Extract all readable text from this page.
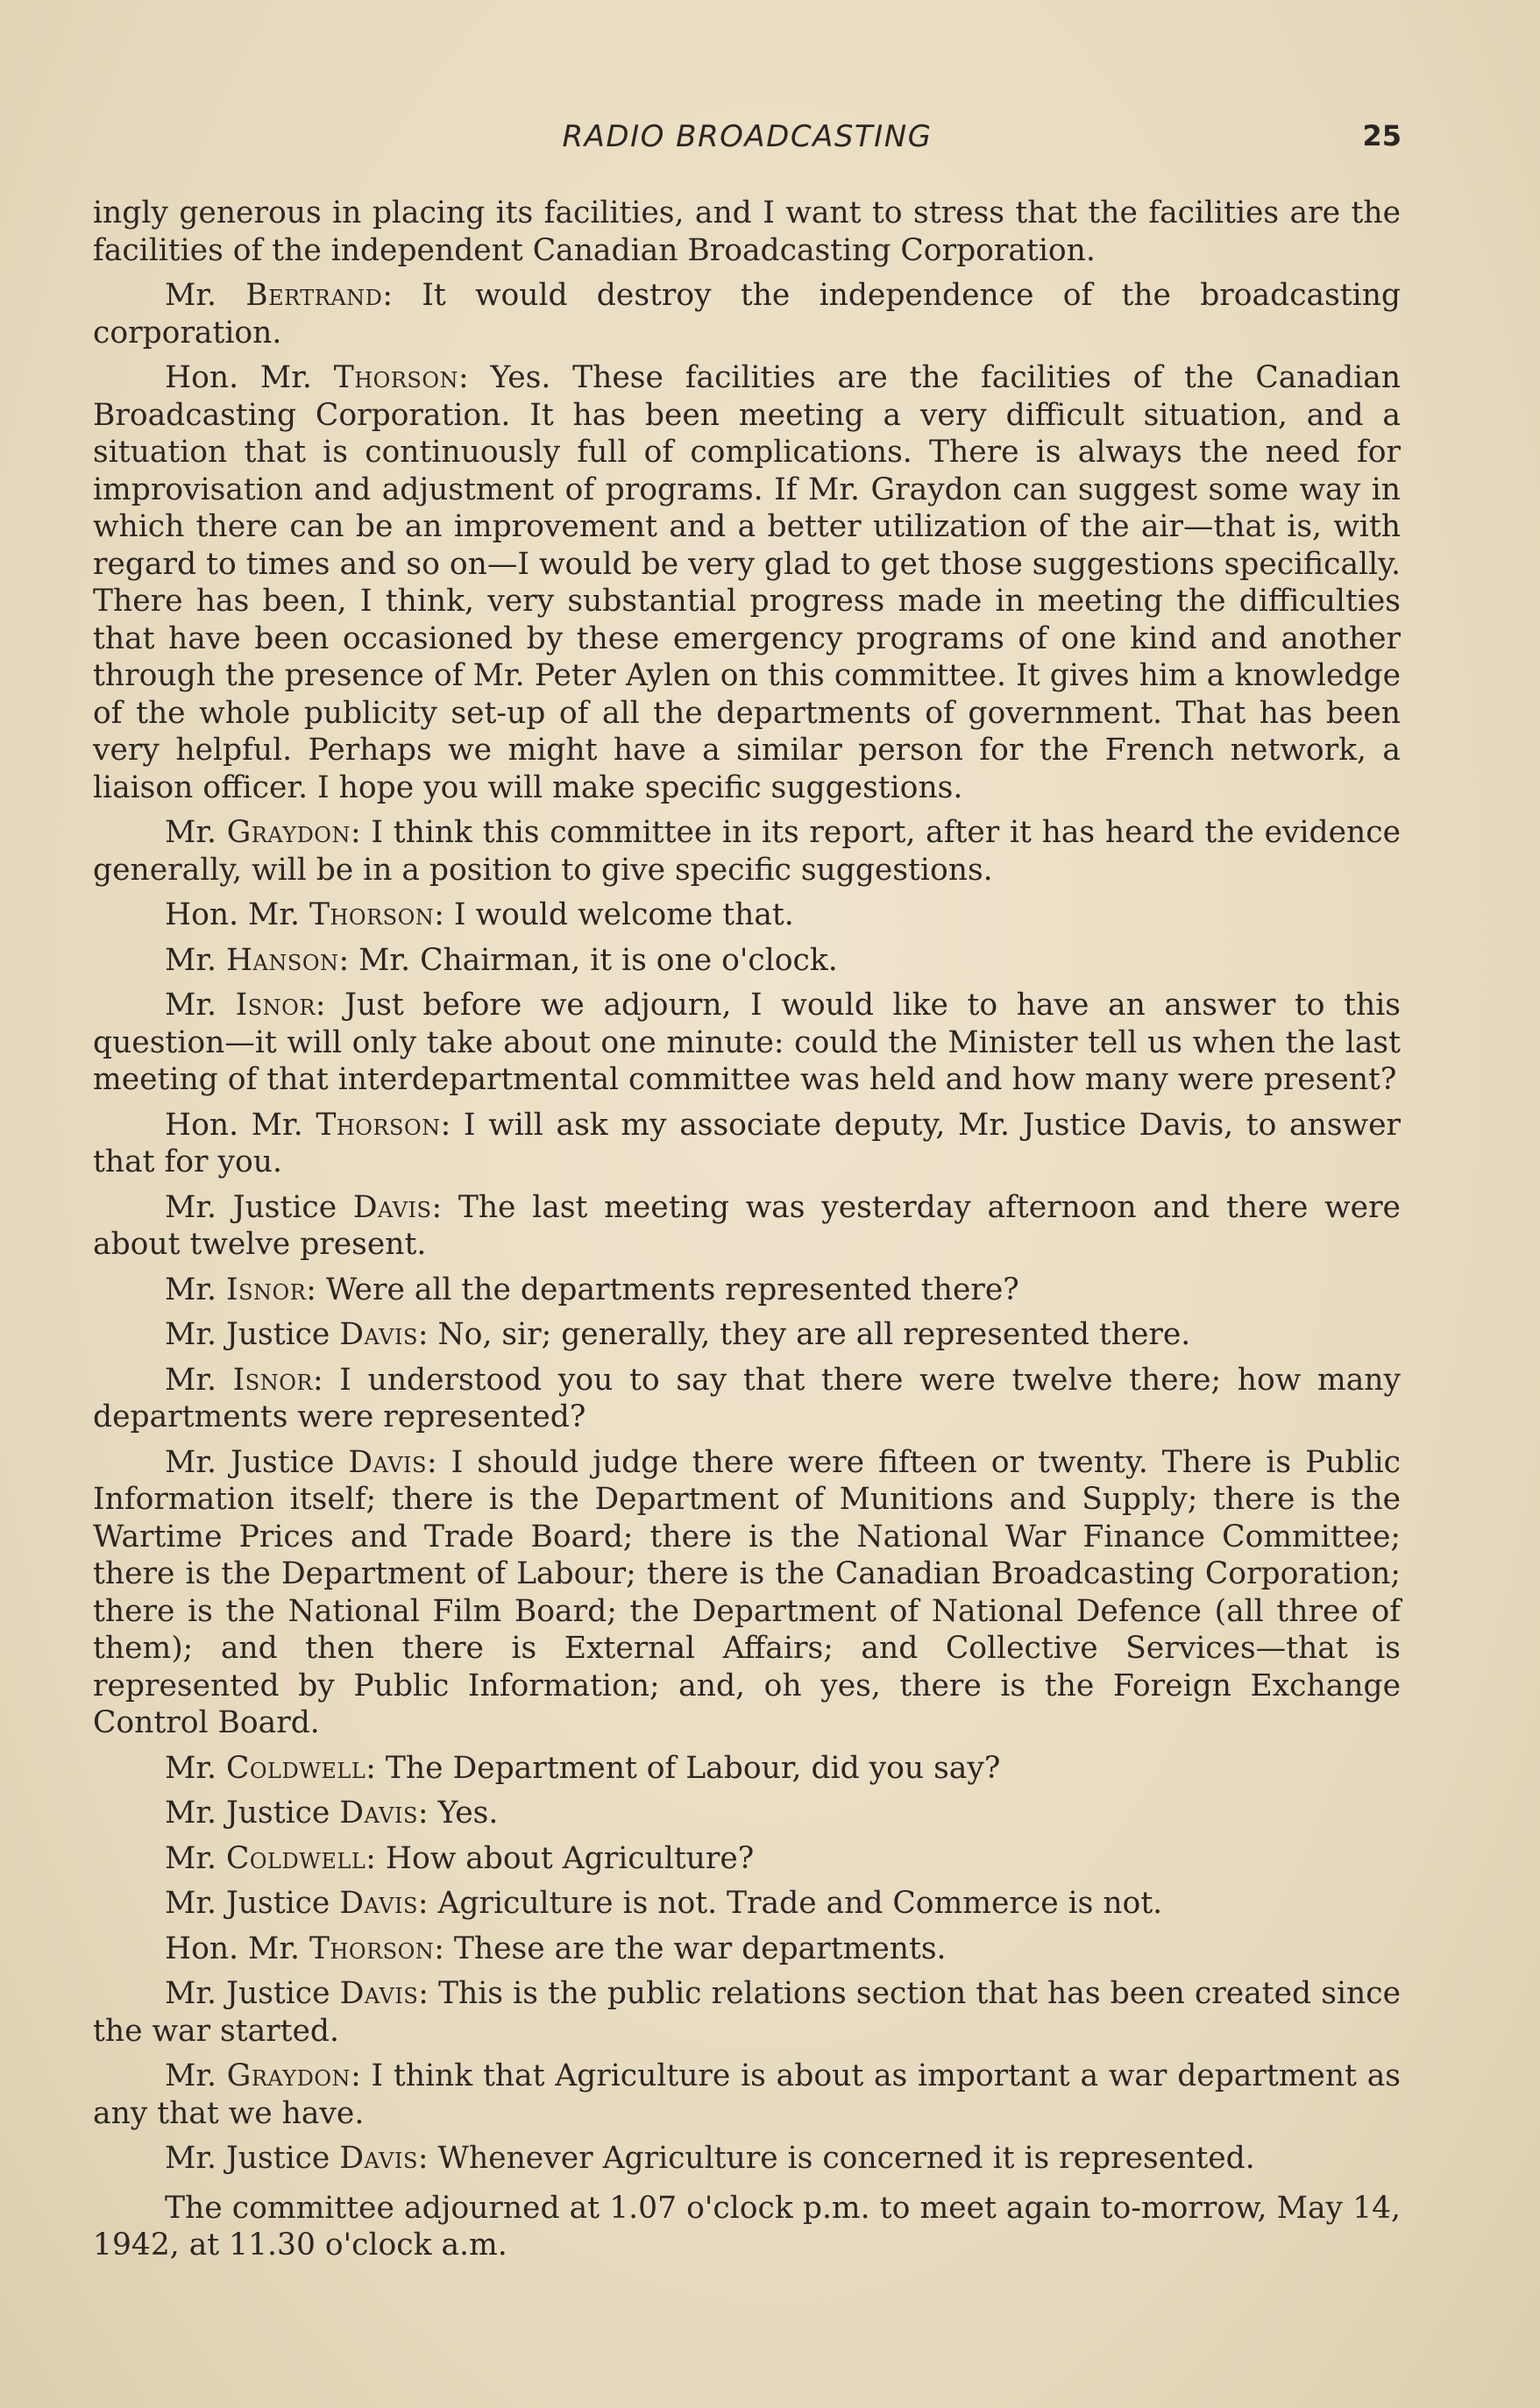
RADIO BROADCASTING	25

ingly generous in placing its facilities, and I want to stress that the facilities are the facilities of the independent Canadian Broadcasting Corporation.

Mr. Bertrand: It would destroy the independence of the broadcasting corporation.

Hon. Mr. Thorson: Yes. These facilities are the facilities of the Canadian Broadcasting Corporation. It has been meeting a very difficult situation, and a situation that is continuously full of complications. There is always the need for improvisation and adjustment of programs. If Mr. Graydon can suggest some way in which there can be an improvement and a better utilization of the air—that is, with regard to times and so on—I would be very glad to get those suggestions specifically. There has been, I think, very substantial progress made in meeting the difficulties that have been occasioned by these emergency programs of one kind and another through the presence of Mr. Peter Aylen on this committee. It gives him a knowledge of the whole publicity set-up of all the departments of government. That has been very helpful. Perhaps we might have a similar person for the French network, a liaison officer. I hope you will make specific suggestions.

Mr. Graydon: I think this committee in its report, after it has heard the evidence generally, will be in a position to give specific suggestions.

Hon. Mr. Thorson: I would welcome that.

Mr. Hanson: Mr. Chairman, it is one o'clock.

Mr. Isnor: Just before we adjourn, I would like to have an answer to this question—it will only take about one minute: could the Minister tell us when the last meeting of that interdepartmental committee was held and how many were present?

Hon. Mr. Thorson: I will ask my associate deputy, Mr. Justice Davis, to answer that for you.

Mr. Justice Davis: The last meeting was yesterday afternoon and there were about twelve present.

Mr. Isnor: Were all the departments represented there?

Mr. Justice Davis: No, sir; generally, they are all represented there.

Mr. Isnor: I understood you to say that there were twelve there; how many departments were represented?

Mr. Justice Davis: I should judge there were fifteen or twenty. There is Public Information itself; there is the Department of Munitions and Supply; there is the Wartime Prices and Trade Board; there is the National War Finance Committee; there is the Department of Labour; there is the Canadian Broadcasting Corporation; there is the National Film Board; the Department of National Defence (all three of them); and then there is External Affairs; and Collective Services—that is represented by Public Information; and, oh yes, there is the Foreign Exchange Control Board.

Mr. Coldwell: The Department of Labour, did you say?

Mr. Justice Davis: Yes.

Mr. Coldwell: How about Agriculture?

Mr. Justice Davis: Agriculture is not. Trade and Commerce is not.

Hon. Mr. Thorson: These are the war departments.

Mr. Justice Davis: This is the public relations section that has been created since the war started.

Mr. Graydon: I think that Agriculture is about as important a war department as any that we have.

Mr. Justice Davis: Whenever Agriculture is concerned it is represented.

The committee adjourned at 1.07 o'clock p.m. to meet again to-morrow, May 14, 1942, at 11.30 o'clock a.m.
